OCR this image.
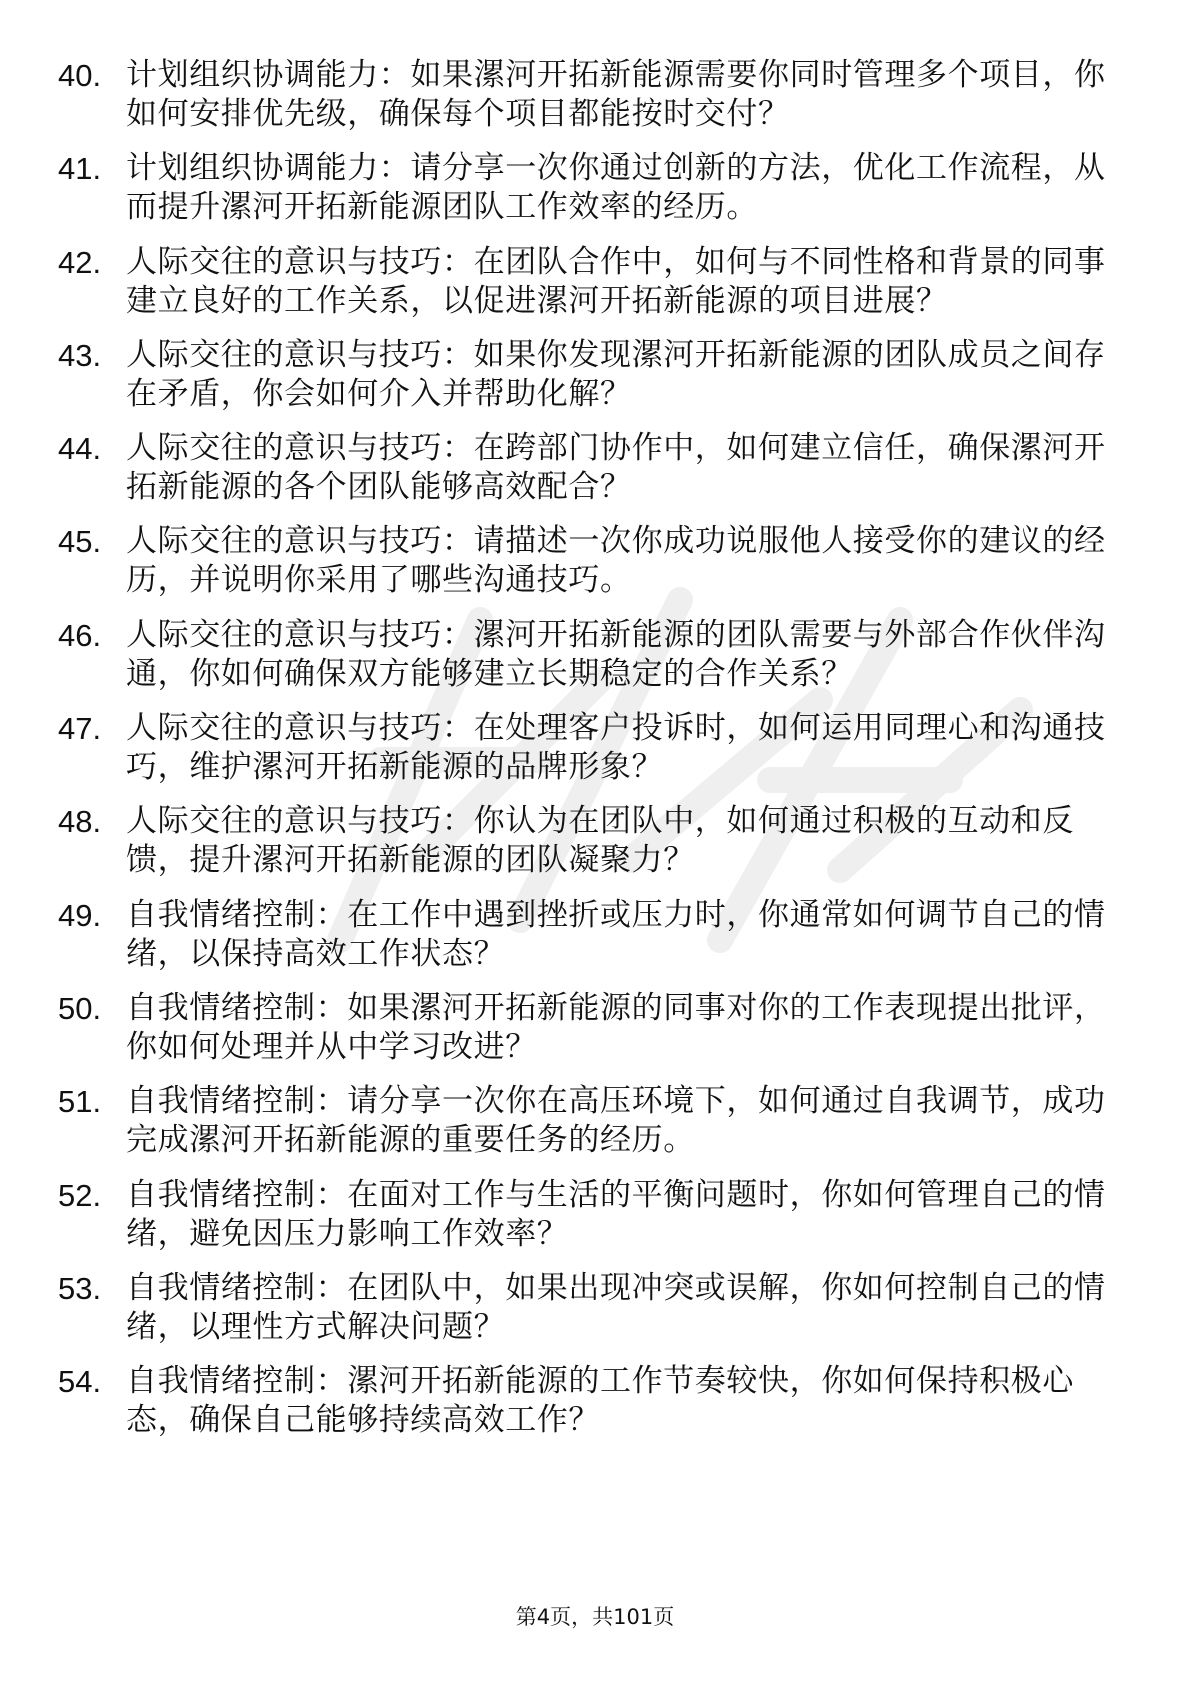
40. 计划组织协调能力：如果漯河开拓新能源需要你同时管理多个项目，你如何安排优先级，确保每个项目都能按时交付？
41. 计划组织协调能力：请分享一次你通过创新的方法，优化工作流程，从而提升漯河开拓新能源团队工作效率的经历。
42. 人际交往的意识与技巧：在团队合作中，如何与不同性格和背景的同事建立良好的工作关系，以促进漯河开拓新能源的项目进展？
43. 人际交往的意识与技巧：如果你发现漯河开拓新能源的团队成员之间存在矛盾，你会如何介入并帮助化解？
44. 人际交往的意识与技巧：在跨部门协作中，如何建立信任，确保漯河开拓新能源的各个团队能够高效配合？
45. 人际交往的意识与技巧：请描述一次你成功说服他人接受你的建议的经历，并说明你采用了哪些沟通技巧。
46. 人际交往的意识与技巧：漯河开拓新能源的团队需要与外部合作伙伴沟通，你如何确保双方能够建立长期稳定的合作关系？
47. 人际交往的意识与技巧：在处理客户投诉时，如何运用同理心和沟通技巧，维护漯河开拓新能源的品牌形象？
48. 人际交往的意识与技巧：你认为在团队中，如何通过积极的互动和反馈，提升漯河开拓新能源的团队凝聚力？
49. 自我情绪控制：在工作中遇到挫折或压力时，你通常如何调节自己的情绪，以保持高效工作状态？
50. 自我情绪控制：如果漯河开拓新能源的同事对你的工作表现提出批评，你如何处理并从中学习改进？
51. 自我情绪控制：请分享一次你在高压环境下，如何通过自我调节，成功完成漯河开拓新能源的重要任务的经历。
52. 自我情绪控制：在面对工作与生活的平衡问题时，你如何管理自己的情绪，避免因压力影响工作效率？
53. 自我情绪控制：在团队中，如果出现冲突或误解，你如何控制自己的情绪，以理性方式解决问题？
54. 自我情绪控制：漯河开拓新能源的工作节奏较快，你如何保持积极心态，确保自己能够持续高效工作？
第4页，共101页
